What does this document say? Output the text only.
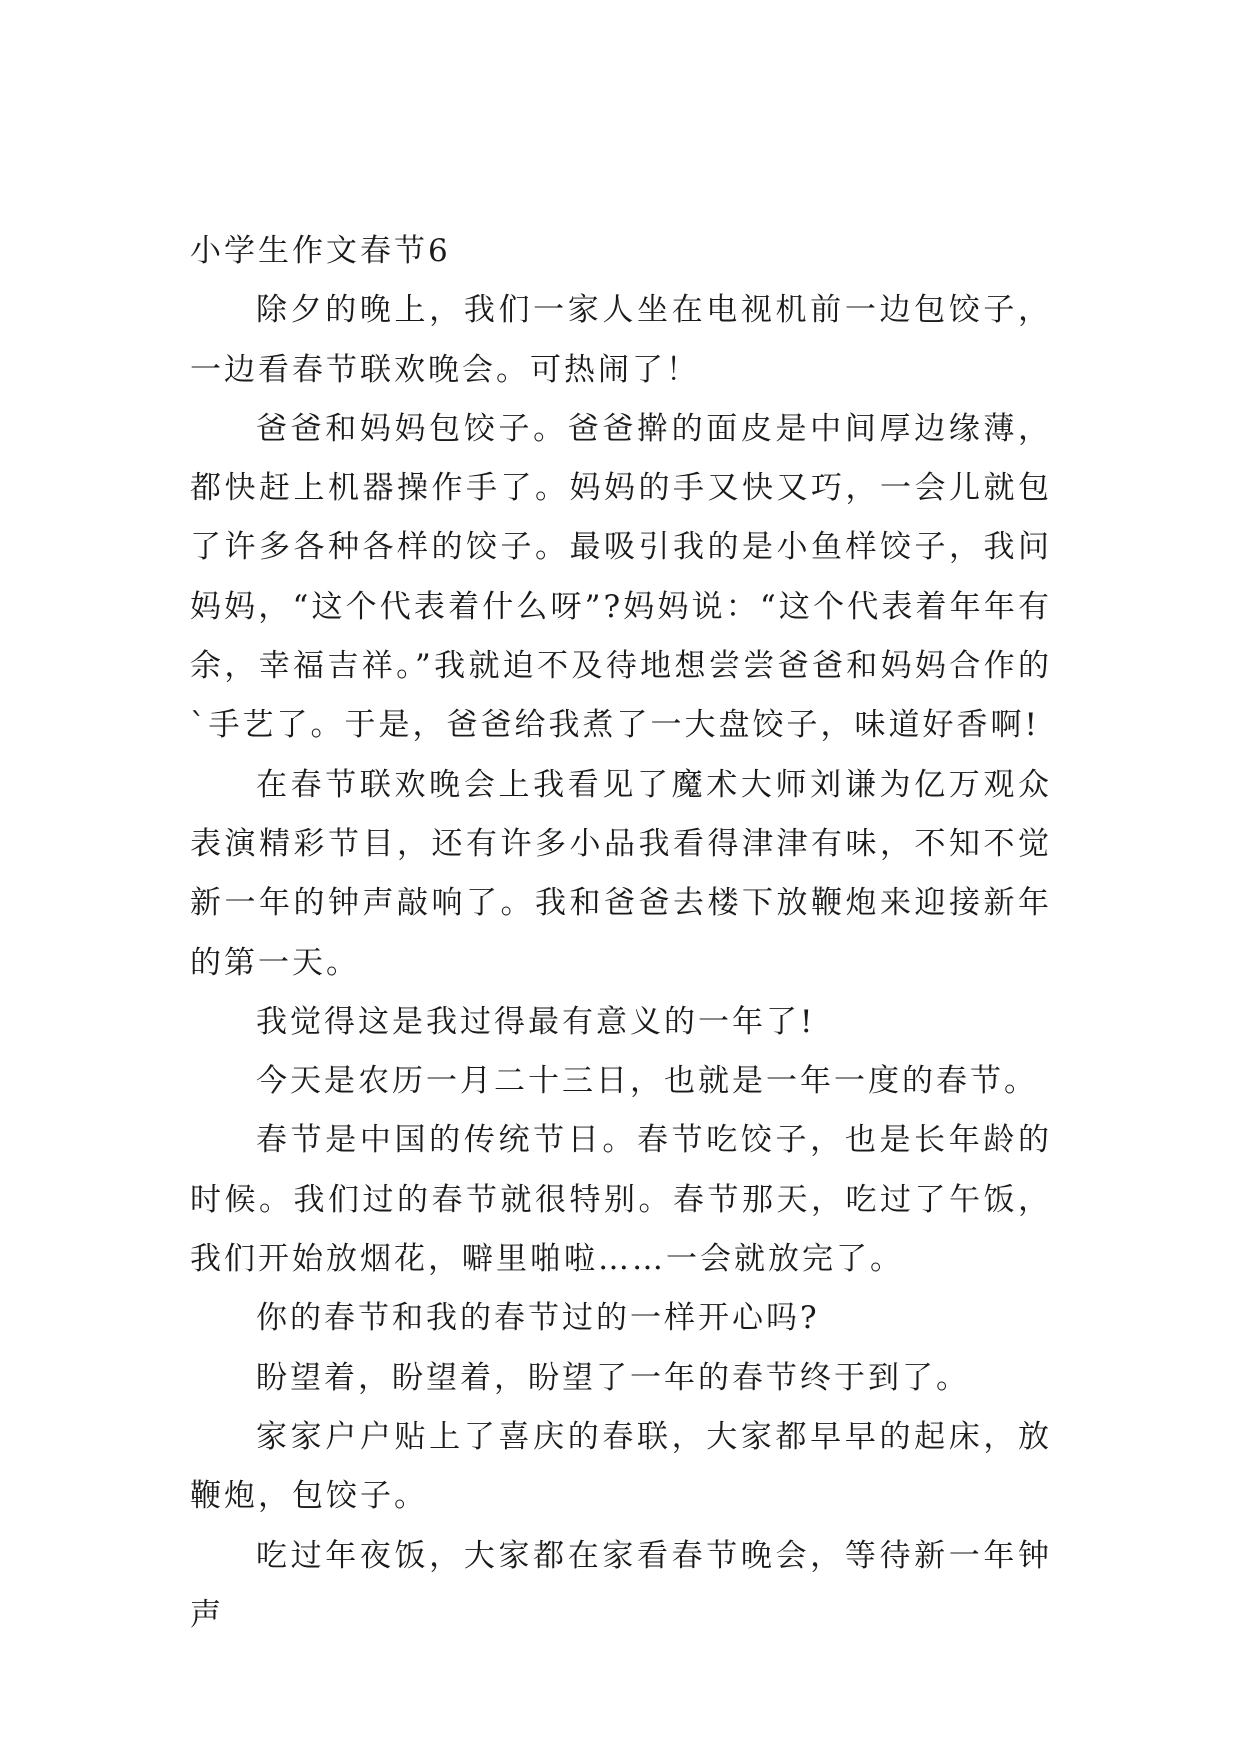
小学生作文春节6

除夕的晚上，我们一家人坐在电视机前一边包饺子，一边看春节联欢晚会。可热闹了！

爸爸和妈妈包饺子。爸爸擀的面皮是中间厚边缘薄，都快赶上机器操作手了。妈妈的手又快又巧，一会儿就包了许多各种各样的饺子。最吸引我的是小鱼样饺子，我问妈妈，“这个代表着什么呀”?妈妈说：“这个代表着年年有余，幸福吉祥。”我就迫不及待地想尝尝爸爸和妈妈合作的`手艺了。于是，爸爸给我煮了一大盘饺子，味道好香啊!

在春节联欢晚会上我看见了魔术大师刘谦为亿万观众表演精彩节目，还有许多小品我看得津津有味，不知不觉新一年的钟声敲响了。我和爸爸去楼下放鞭炮来迎接新年的第一天。

我觉得这是我过得最有意义的一年了!

今天是农历一月二十三日，也就是一年一度的春节。

春节是中国的传统节日。春节吃饺子，也是长年龄的时候。我们过的春节就很特别。春节那天，吃过了午饭，我们开始放烟花，噼里啪啦……一会就放完了。

你的春节和我的春节过的一样开心吗?

盼望着，盼望着，盼望了一年的春节终于到了。

家家户户贴上了喜庆的春联，大家都早早的起床，放鞭炮，包饺子。

吃过年夜饭，大家都在家看春节晚会，等待新一年钟声
